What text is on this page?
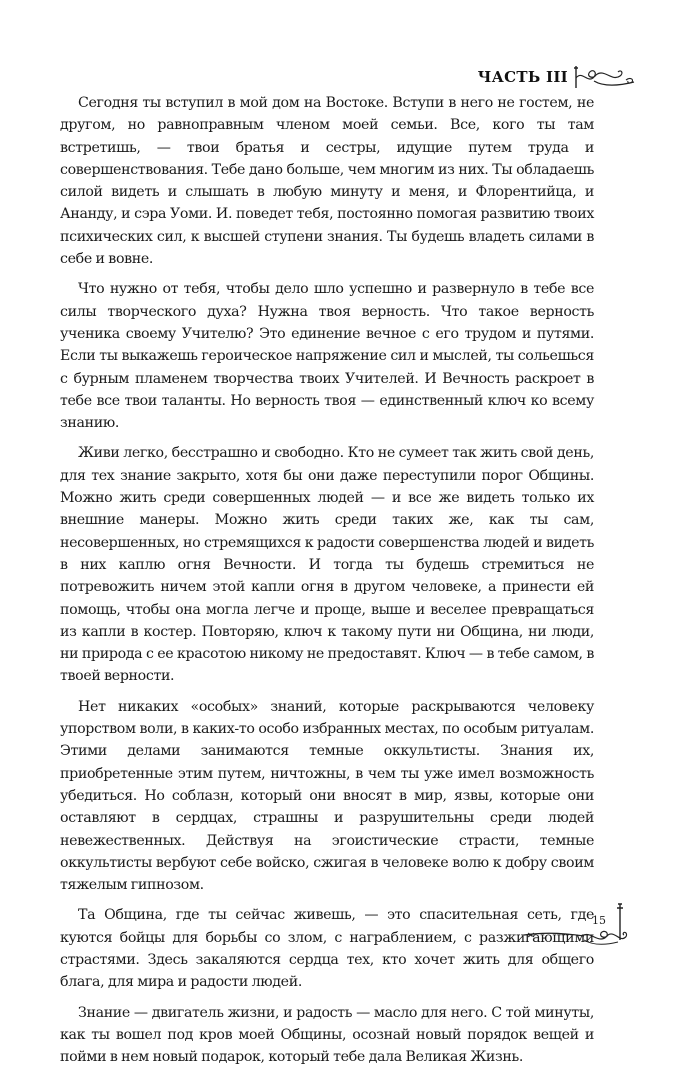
ЧАСТЬ III

Сегодня ты вступил в мой дом на Востоке. Вступи в него не гостем, не другом, но равноправным членом моей семьи. Все, кого ты там встретишь, — твои братья и сестры, идущие путем труда и совершенствования. Тебе дано больше, чем многим из них. Ты обладаешь силой видеть и слышать в любую минуту и меня, и Флорентийца, и Ананду, и сэра Уоми. И. поведет тебя, постоянно помогая развитию твоих психических сил, к высшей ступени знания. Ты будешь владеть силами в себе и вовне.

Что нужно от тебя, чтобы дело шло успешно и развернуло в тебе все силы творческого духа? Нужна твоя верность. Что такое верность ученика своему Учителю? Это единение вечное с его трудом и путями. Если ты выкажешь героическое напряжение сил и мыслей, ты сольешься с бурным пламенем творчества твоих Учителей. И Вечность раскроет в тебе все твои таланты. Но верность твоя — единственный ключ ко всему знанию.

Живи легко, бесстрашно и свободно. Кто не сумеет так жить свой день, для тех знание закрыто, хотя бы они даже переступили порог Общины. Можно жить среди совершенных людей — и все же видеть только их внешние манеры. Можно жить среди таких же, как ты сам, несовершенных, но стремящихся к радости совершенства людей и видеть в них каплю огня Вечности. И тогда ты будешь стремиться не потревожить ничем этой капли огня в другом человеке, а принести ей помощь, чтобы она могла легче и проще, выше и веселее превращаться из капли в костер. Повторяю, ключ к такому пути ни Община, ни люди, ни природа с ее красотою никому не предоставят. Ключ — в тебе самом, в твоей верности.

Нет никаких «особых» знаний, которые раскрываются человеку упорством воли, в каких-то особо избранных местах, по особым ритуалам. Этими делами занимаются темные оккультисты. Знания их, приобретенные этим путем, ничтожны, в чем ты уже имел возможность убедиться. Но соблазн, который они вносят в мир, язвы, которые они оставляют в сердцах, страшны и разрушительны среди людей невежественных. Действуя на эгоистические страсти, темные оккультисты вербуют себе войско, сжигая в человеке волю к добру своим тяжелым гипнозом.

Та Община, где ты сейчас живешь, — это спасительная сеть, где куются бойцы для борьбы со злом, с награблением, с разжигающими страстями. Здесь закаляются сердца тех, кто хочет жить для общего блага, для мира и радости людей.

Знание — двигатель жизни, и радость — масло для него. С той минуты, как ты вошел под кров моей Общины, осознай новый порядок вещей и пойми в нем новый подарок, который тебе дала Великая Жизнь.

15
